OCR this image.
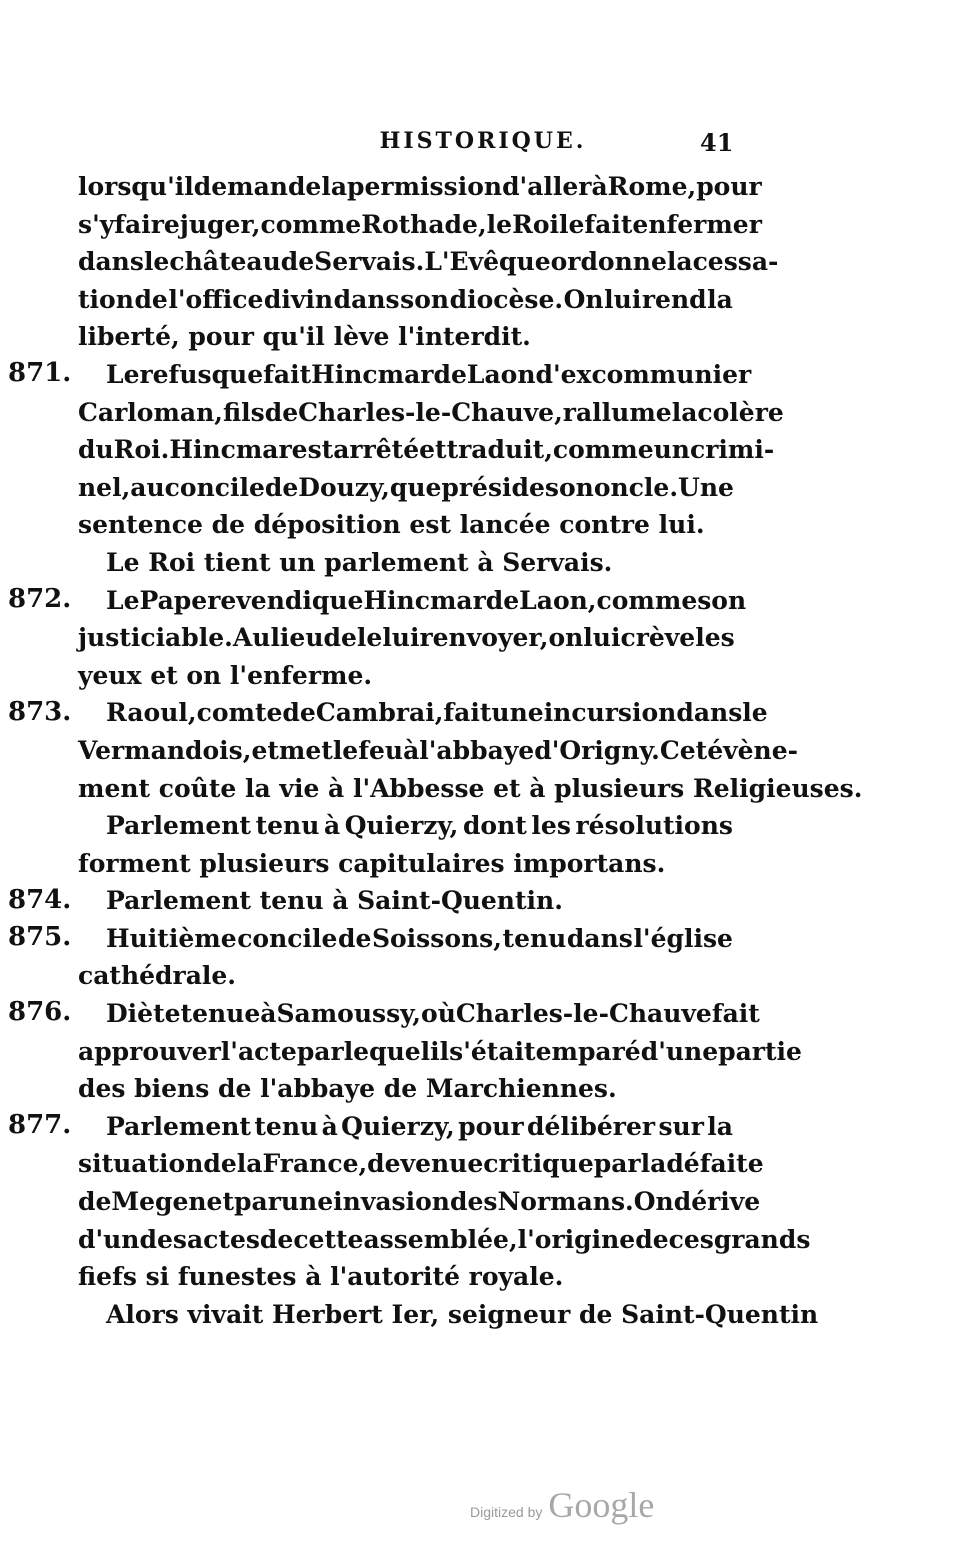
HISTORIQUE.	41
871.
872.
873.
874.
875.
876.
877.
lorsqu'il demande la permission d'aller à Rome, pour
s'y faire juger, comme Rothade, le Roi le fait enfermer
dans le château de Servais. L'Evêque ordonne la cessa-
tion de l'office divin dans son diocèse. On lui rend la
liberté, pour qu'il lève l'interdit.
Le refus que fait Hincmar de Laon d'excommunier
Carloman, fils de Charles-le-Chauve, rallume la colère
du Roi. Hincmar est arrêté et traduit, comme un crimi-
nel, au concile de Douzy, que préside son oncle. Une
sentence de déposition est lancée contre lui.
Le Roi tient un parlement à Servais.
Le Pape revendique Hincmar de Laon, comme son
justiciable. Au lieu de le lui renvoyer, on lui crève les
yeux et on l'enferme.
Raoul, comte de Cambrai, fait une incursion dans le
Vermandois, et met le feu à l'abbaye d'Origny. Cet évène-
ment coûte la vie à l'Abbesse et à plusieurs Religieuses.
Parlement tenu à Quierzy, dont les résolutions
forment plusieurs capitulaires importans.
Parlement tenu à Saint-Quentin.
Huitième concile de Soissons, tenu dans l'église
cathédrale.
Diète tenue à Samoussy, où Charles-le-Chauve fait
approuver l'acte par lequel il s'était emparé d'une partie
des biens de l'abbaye de Marchiennes.
Parlement tenu à Quierzy, pour délibérer sur la
situation de la France, devenue critique par la défaite
de Megen et par une invasion des Normans. On dérive
d'un des actes de cette assemblée, l'origine de ces grands
fiefs si funestes à l'autorité royale.
Alors vivait Herbert Ier, seigneur de Saint-Quentin
Digitized by Google
